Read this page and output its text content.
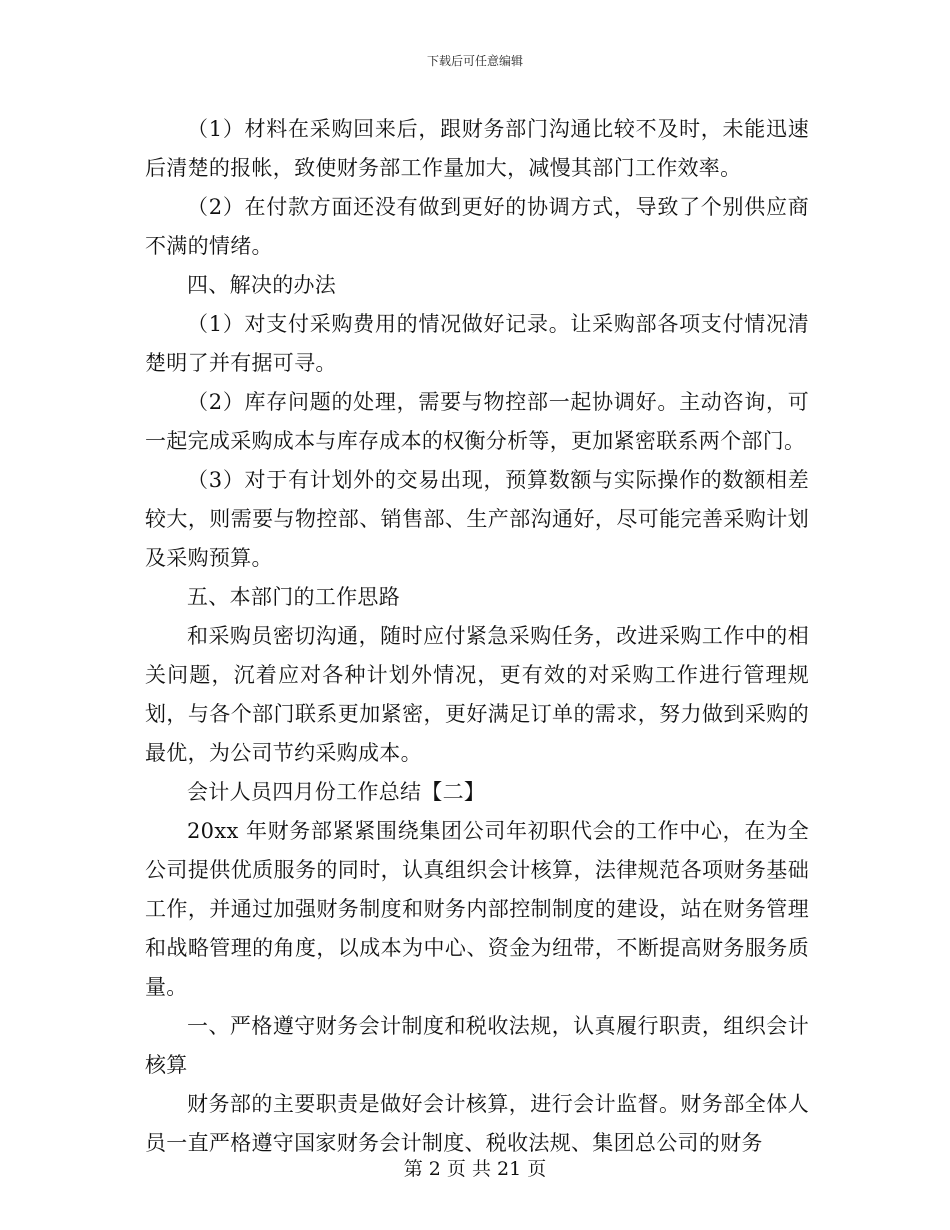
下载后可任意编辑

（1）材料在采购回来后，跟财务部门沟通比较不及时，未能迅速后清楚的报帐，致使财务部工作量加大，减慢其部门工作效率。

（2）在付款方面还没有做到更好的协调方式，导致了个别供应商不满的情绪。

四、解决的办法

（1）对支付采购费用的情况做好记录。让采购部各项支付情况清楚明了并有据可寻。

（2）库存问题的处理，需要与物控部一起协调好。主动咨询，可一起完成采购成本与库存成本的权衡分析等，更加紧密联系两个部门。

（3）对于有计划外的交易出现，预算数额与实际操作的数额相差较大，则需要与物控部、销售部、生产部沟通好，尽可能完善采购计划及采购预算。

五、本部门的工作思路

和采购员密切沟通，随时应付紧急采购任务，改进采购工作中的相关问题，沉着应对各种计划外情况，更有效的对采购工作进行管理规划，与各个部门联系更加紧密，更好满足订单的需求，努力做到采购的最优，为公司节约采购成本。

会计人员四月份工作总结【二】

20xx 年财务部紧紧围绕集团公司年初职代会的工作中心，在为全公司提供优质服务的同时，认真组织会计核算，法律规范各项财务基础工作，并通过加强财务制度和财务内部控制制度的建设，站在财务管理和战略管理的角度，以成本为中心、资金为纽带，不断提高财务服务质量。

一、严格遵守财务会计制度和税收法规，认真履行职责，组织会计核算

财务部的主要职责是做好会计核算，进行会计监督。财务部全体人员一直严格遵守国家财务会计制度、税收法规、集团总公司的财务

第 2 页 共 21 页
